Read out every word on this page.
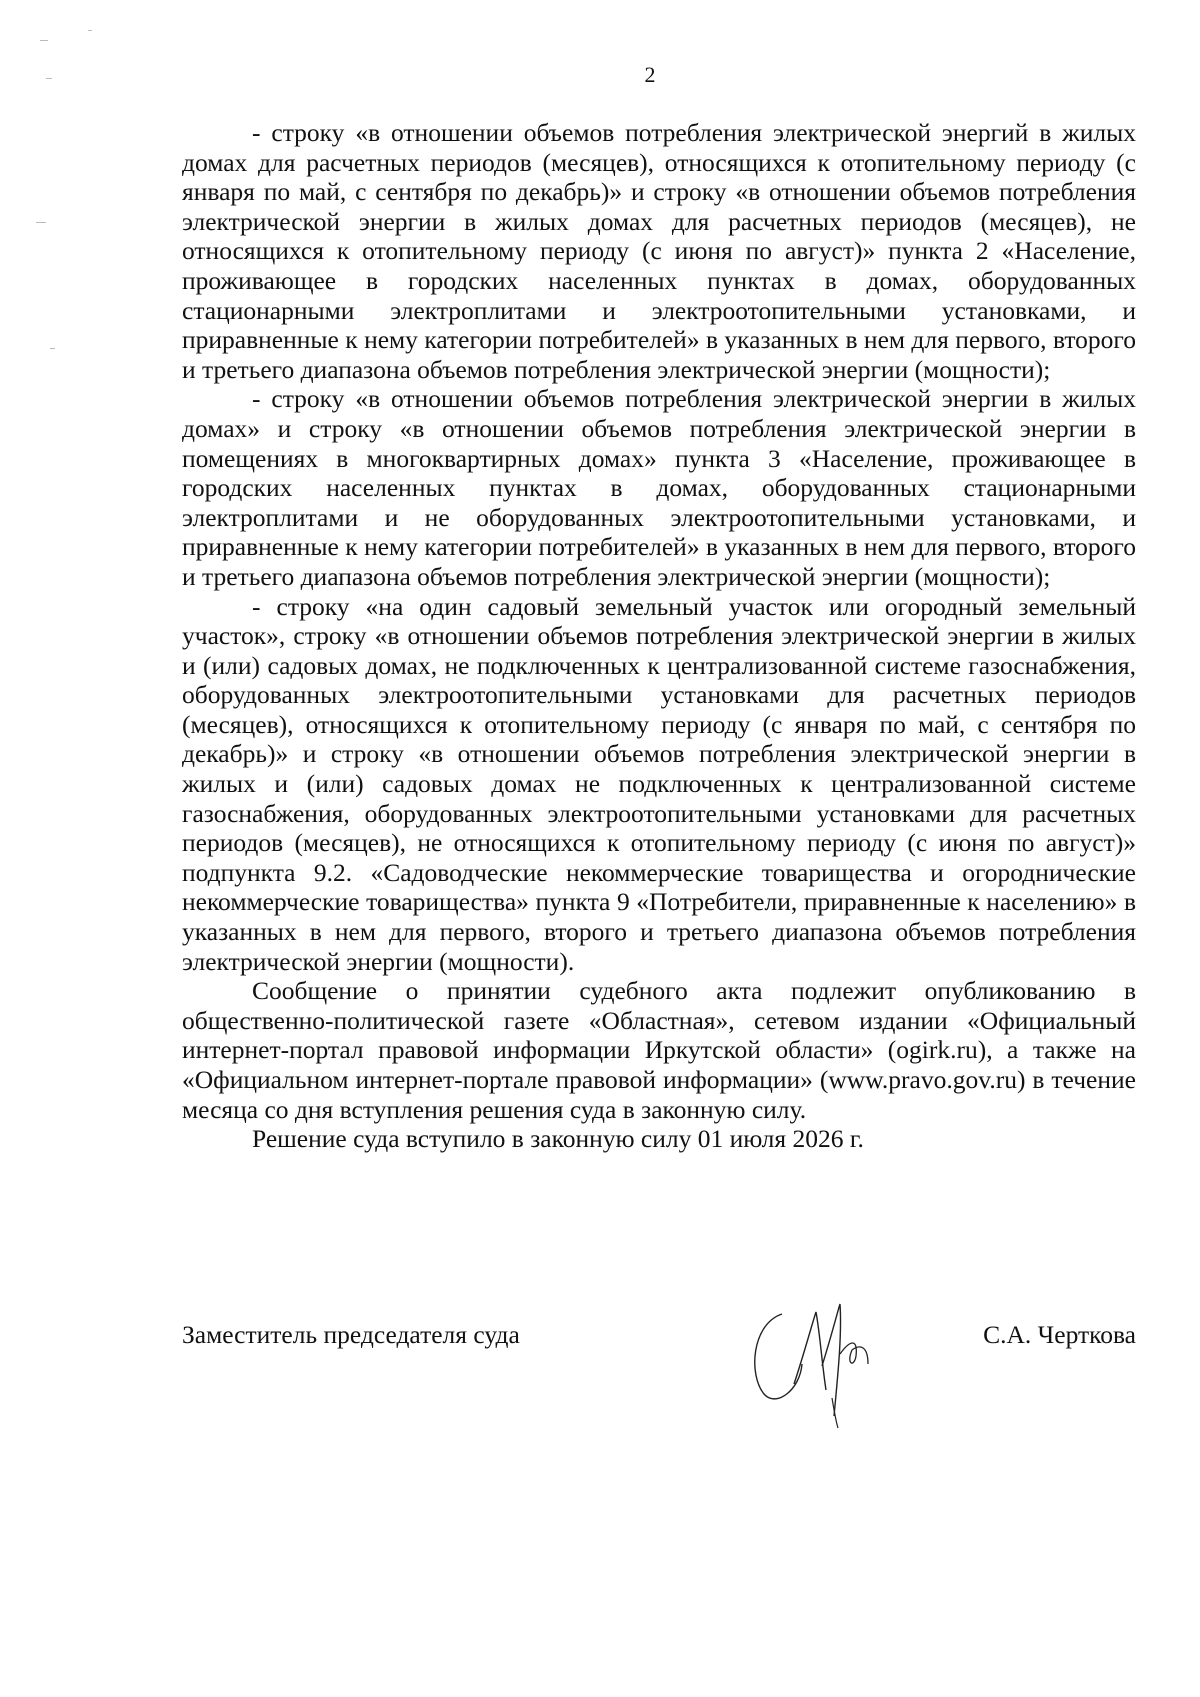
2

- строку «в отношении объемов потребления электрической энергий в жилых домах для расчетных периодов (месяцев), относящихся к отопительному периоду (с января по май, с сентября по декабрь)» и строку «в отношении объемов потребления электрической энергии в жилых домах для расчетных периодов (месяцев), не относящихся к отопительному периоду (с июня по август)» пункта 2 «Население, проживающее в городских населенных пунктах в домах, оборудованных стационарными электроплитами и электроотопительными установками, и приравненные к нему категории потребителей» в указанных в нем для первого, второго и третьего диапазона объемов потребления электрической энергии (мощности);

- строку «в отношении объемов потребления электрической энергии в жилых домах» и строку «в отношении объемов потребления электрической энергии в помещениях в многоквартирных домах» пункта 3 «Население, проживающее в городских населенных пунктах в домах, оборудованных стационарными электроплитами и не оборудованных электроотопительными установками, и приравненные к нему категории потребителей» в указанных в нем для первого, второго и третьего диапазона объемов потребления электрической энергии (мощности);

- строку «на один садовый земельный участок или огородный земельный участок», строку «в отношении объемов потребления электрической энергии в жилых и (или) садовых домах, не подключенных к централизованной системе газоснабжения, оборудованных электроотопительными установками для расчетных периодов (месяцев), относящихся к отопительному периоду (с января по май, с сентября по декабрь)» и строку «в отношении объемов потребления электрической энергии в жилых и (или) садовых домах не подключенных к централизованной системе газоснабжения, оборудованных электроотопительными установками для расчетных периодов (месяцев), не относящихся к отопительному периоду (с июня по август)» подпункта 9.2. «Садоводческие некоммерческие товарищества и огороднические некоммерческие товарищества» пункта 9 «Потребители, приравненные к населению» в указанных в нем для первого, второго и третьего диапазона объемов потребления электрической энергии (мощности).

Сообщение о принятии судебного акта подлежит опубликованию в общественно-политической газете «Областная», сетевом издании «Официальный интернет-портал правовой информации Иркутской области» (ogirk.ru), а также на «Официальном интернет-портале правовой информации» (www.pravo.gov.ru) в течение месяца со дня вступления решения суда в законную силу.

Решение суда вступило в законную силу 01 июля 2026 г.

Заместитель председателя суда	С.А. Черткова
